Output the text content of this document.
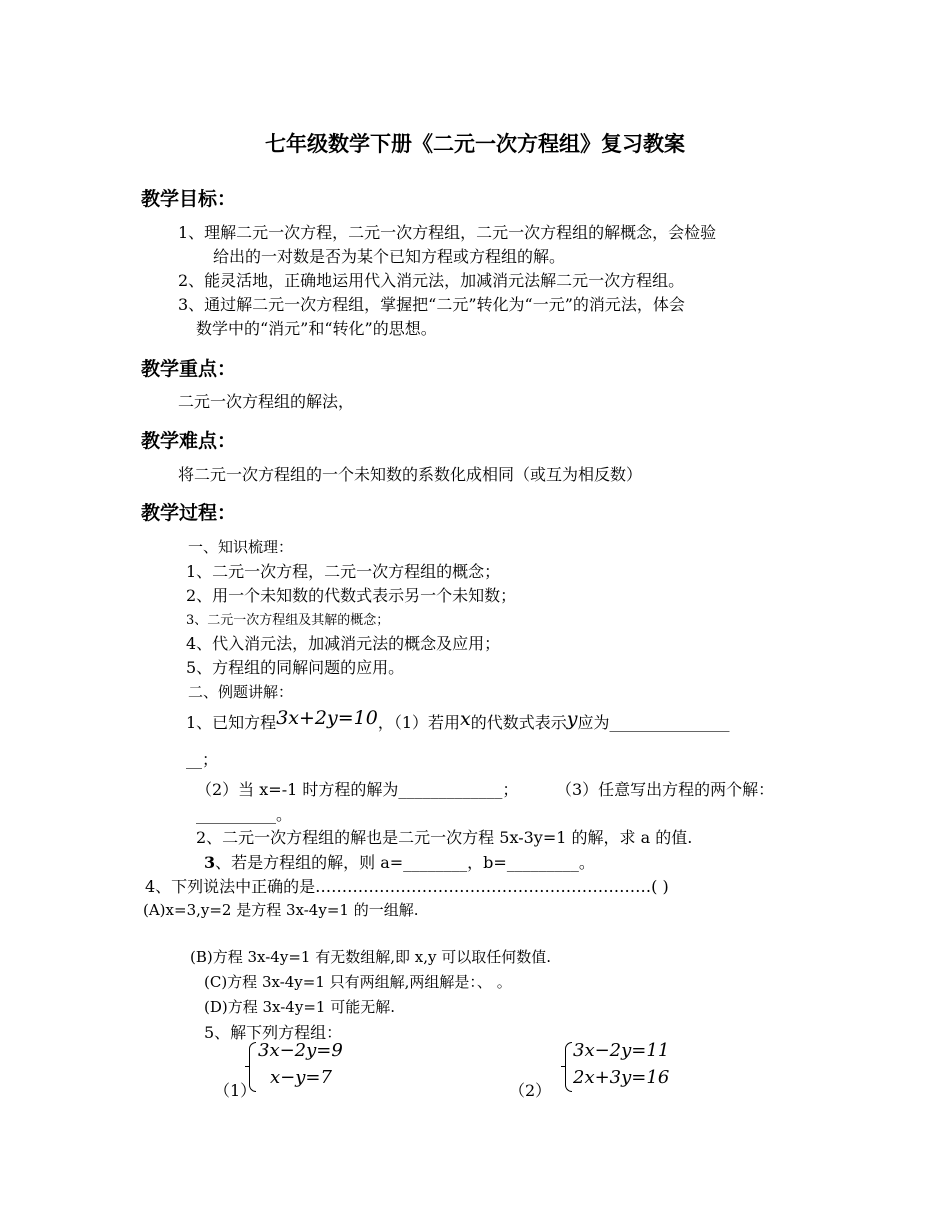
七年级数学下册《二元一次方程组》复习教案
教学目标：
1、理解二元一次方程，二元一次方程组，二元一次方程组的解概念，会检验
给出的一对数是否为某个已知方程或方程组的解。
2、能灵活地，正确地运用代入消元法，加减消元法解二元一次方程组。
3、通过解二元一次方程组，掌握把“二元”转化为“一元”的消元法，体会
数学中的“消元”和“转化”的思想。
教学重点：
二元一次方程组的解法，
教学难点：
将二元一次方程组的一个未知数的系数化成相同（或互为相反数）
教学过程：
一、知识梳理：
1、二元一次方程，二元一次方程组的概念；
2、用一个未知数的代数式表示另一个未知数；
3、二元一次方程组及其解的概念；
4、代入消元法，加减消元法的概念及应用；
5、方程组的同解问题的应用。
二、例题讲解：
1、已知方程3x+2y=10，（1）若用x的代数式表示y应为_______________
__；
（2）当 x=-1 时方程的解为_____________； （3）任意写出方程的两个解：
__________。
2、二元一次方程组的解也是二元一次方程 5x-3y=1 的解，求 a 的值.
3、若是方程组的解，则 a=________，b=_________。
4、下列说法中正确的是………………………………………………………( )
(A)x=3,y=2 是方程 3x-4y=1 的一组解.
(B)方程 3x-4y=1 有无数组解,即 x,y 可以取任何数值.
(C)方程 3x-4y=1 只有两组解,两组解是：、 。
(D)方程 3x-4y=1 可能无解.
5、解下列方程组：
（1）
3x−2y=9
x−y=7
（2）
3x−2y=11
2x+3y=16
